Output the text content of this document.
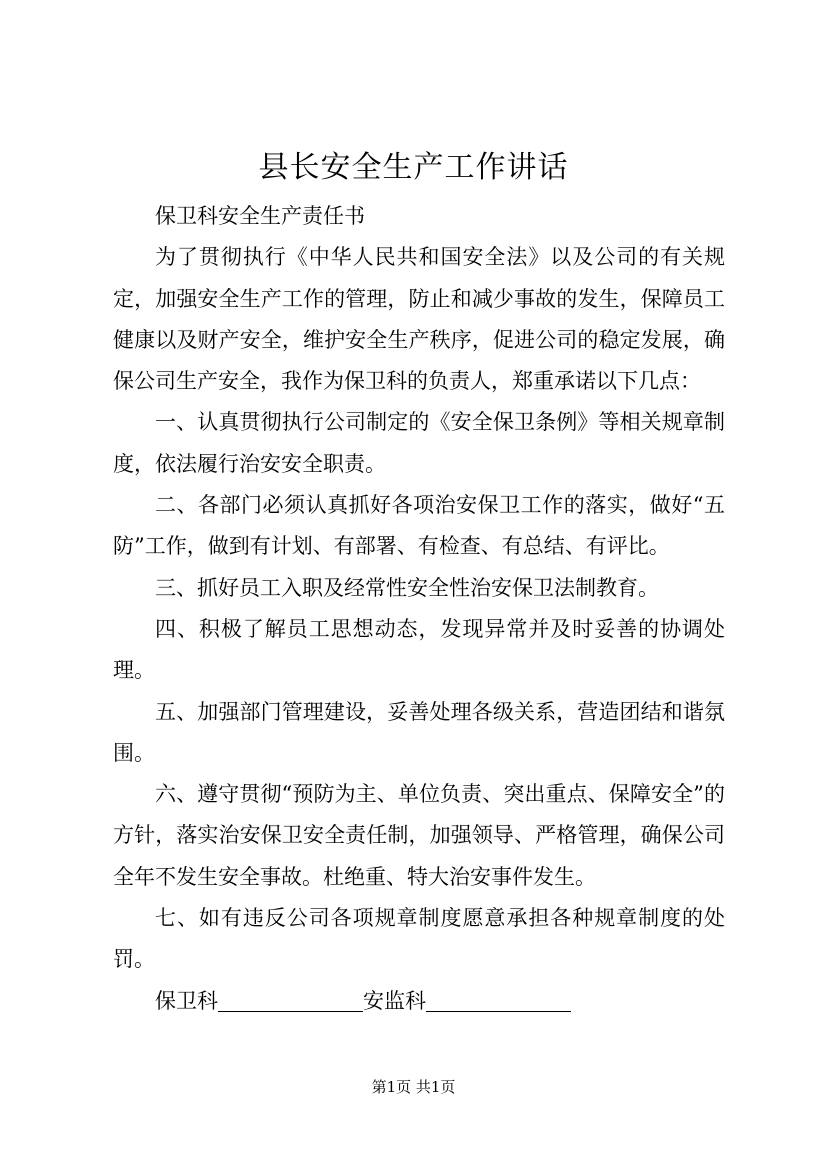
县长安全生产工作讲话

保卫科安全生产责任书

为了贯彻执行《中华人民共和国安全法》以及公司的有关规定，加强安全生产工作的管理，防止和减少事故的发生，保障员工健康以及财产安全，维护安全生产秩序，促进公司的稳定发展，确保公司生产安全，我作为保卫科的负责人，郑重承诺以下几点：

一、认真贯彻执行公司制定的《安全保卫条例》等相关规章制度，依法履行治安安全职责。

二、各部门必须认真抓好各项治安保卫工作的落实，做好“五防”工作，做到有计划、有部署、有检查、有总结、有评比。

三、抓好员工入职及经常性安全性治安保卫法制教育。

四、积极了解员工思想动态，发现异常并及时妥善的协调处理。

五、加强部门管理建设，妥善处理各级关系，营造团结和谐氛围。

六、遵守贯彻“预防为主、单位负责、突出重点、保障安全”的方针，落实治安保卫安全责任制，加强领导、严格管理，确保公司全年不发生安全事故。杜绝重、特大治安事件发生。

七、如有违反公司各项规章制度愿意承担各种规章制度的处罚。

保卫科	安监科

第1页 共1页
